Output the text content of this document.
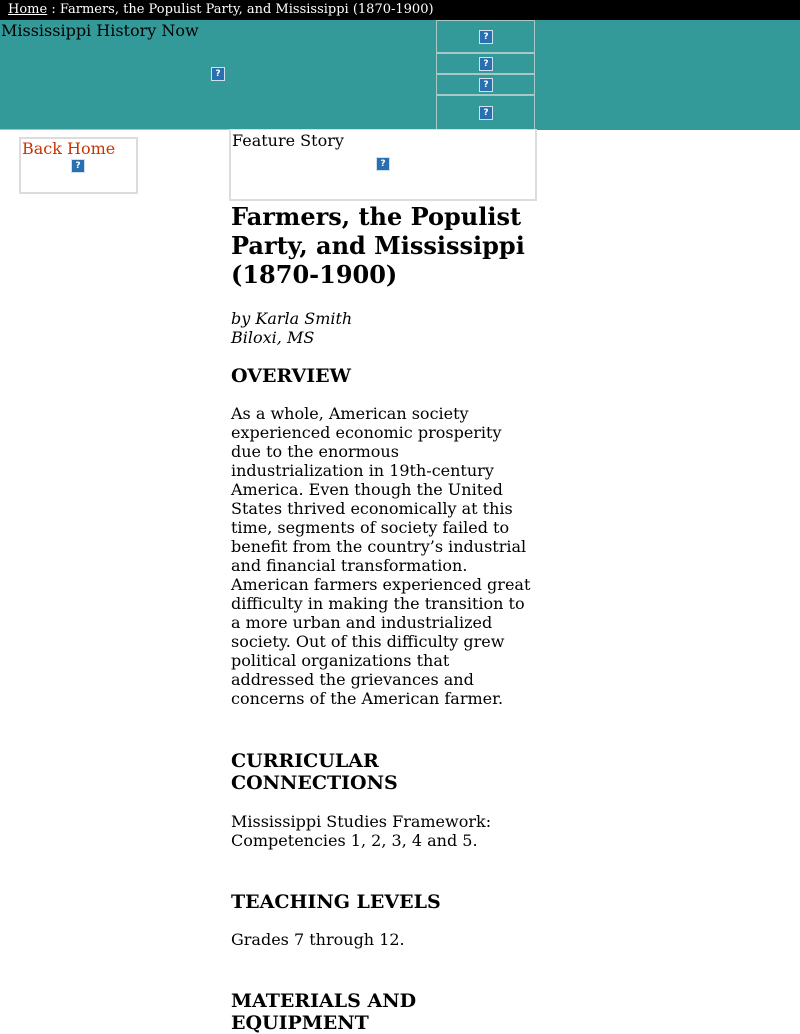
Home : Farmers, the Populist Party, and Mississippi (1870-1900)
Mississippi History Now
?
?
?
?
?
Back Home
?
Feature Story
?
Farmers, the Populist Party, and Mississippi (1870-1900)
by Karla Smith
Biloxi, MS
OVERVIEW

As a whole, American society experienced economic prosperity due to the enormous industrialization in 19th-century America. Even though the United States thrived economically at this time, segments of society failed to benefit from the country’s industrial and financial transformation. American farmers experienced great difficulty in making the transition to a more urban and industrialized society. Out of this difficulty grew political organizations that addressed the grievances and concerns of the American farmer.

CURRICULAR CONNECTIONS

Mississippi Studies Framework:
Competencies 1, 2, 3, 4 and 5.

TEACHING LEVELS

Grades 7 through 12.

MATERIALS AND EQUIPMENT
